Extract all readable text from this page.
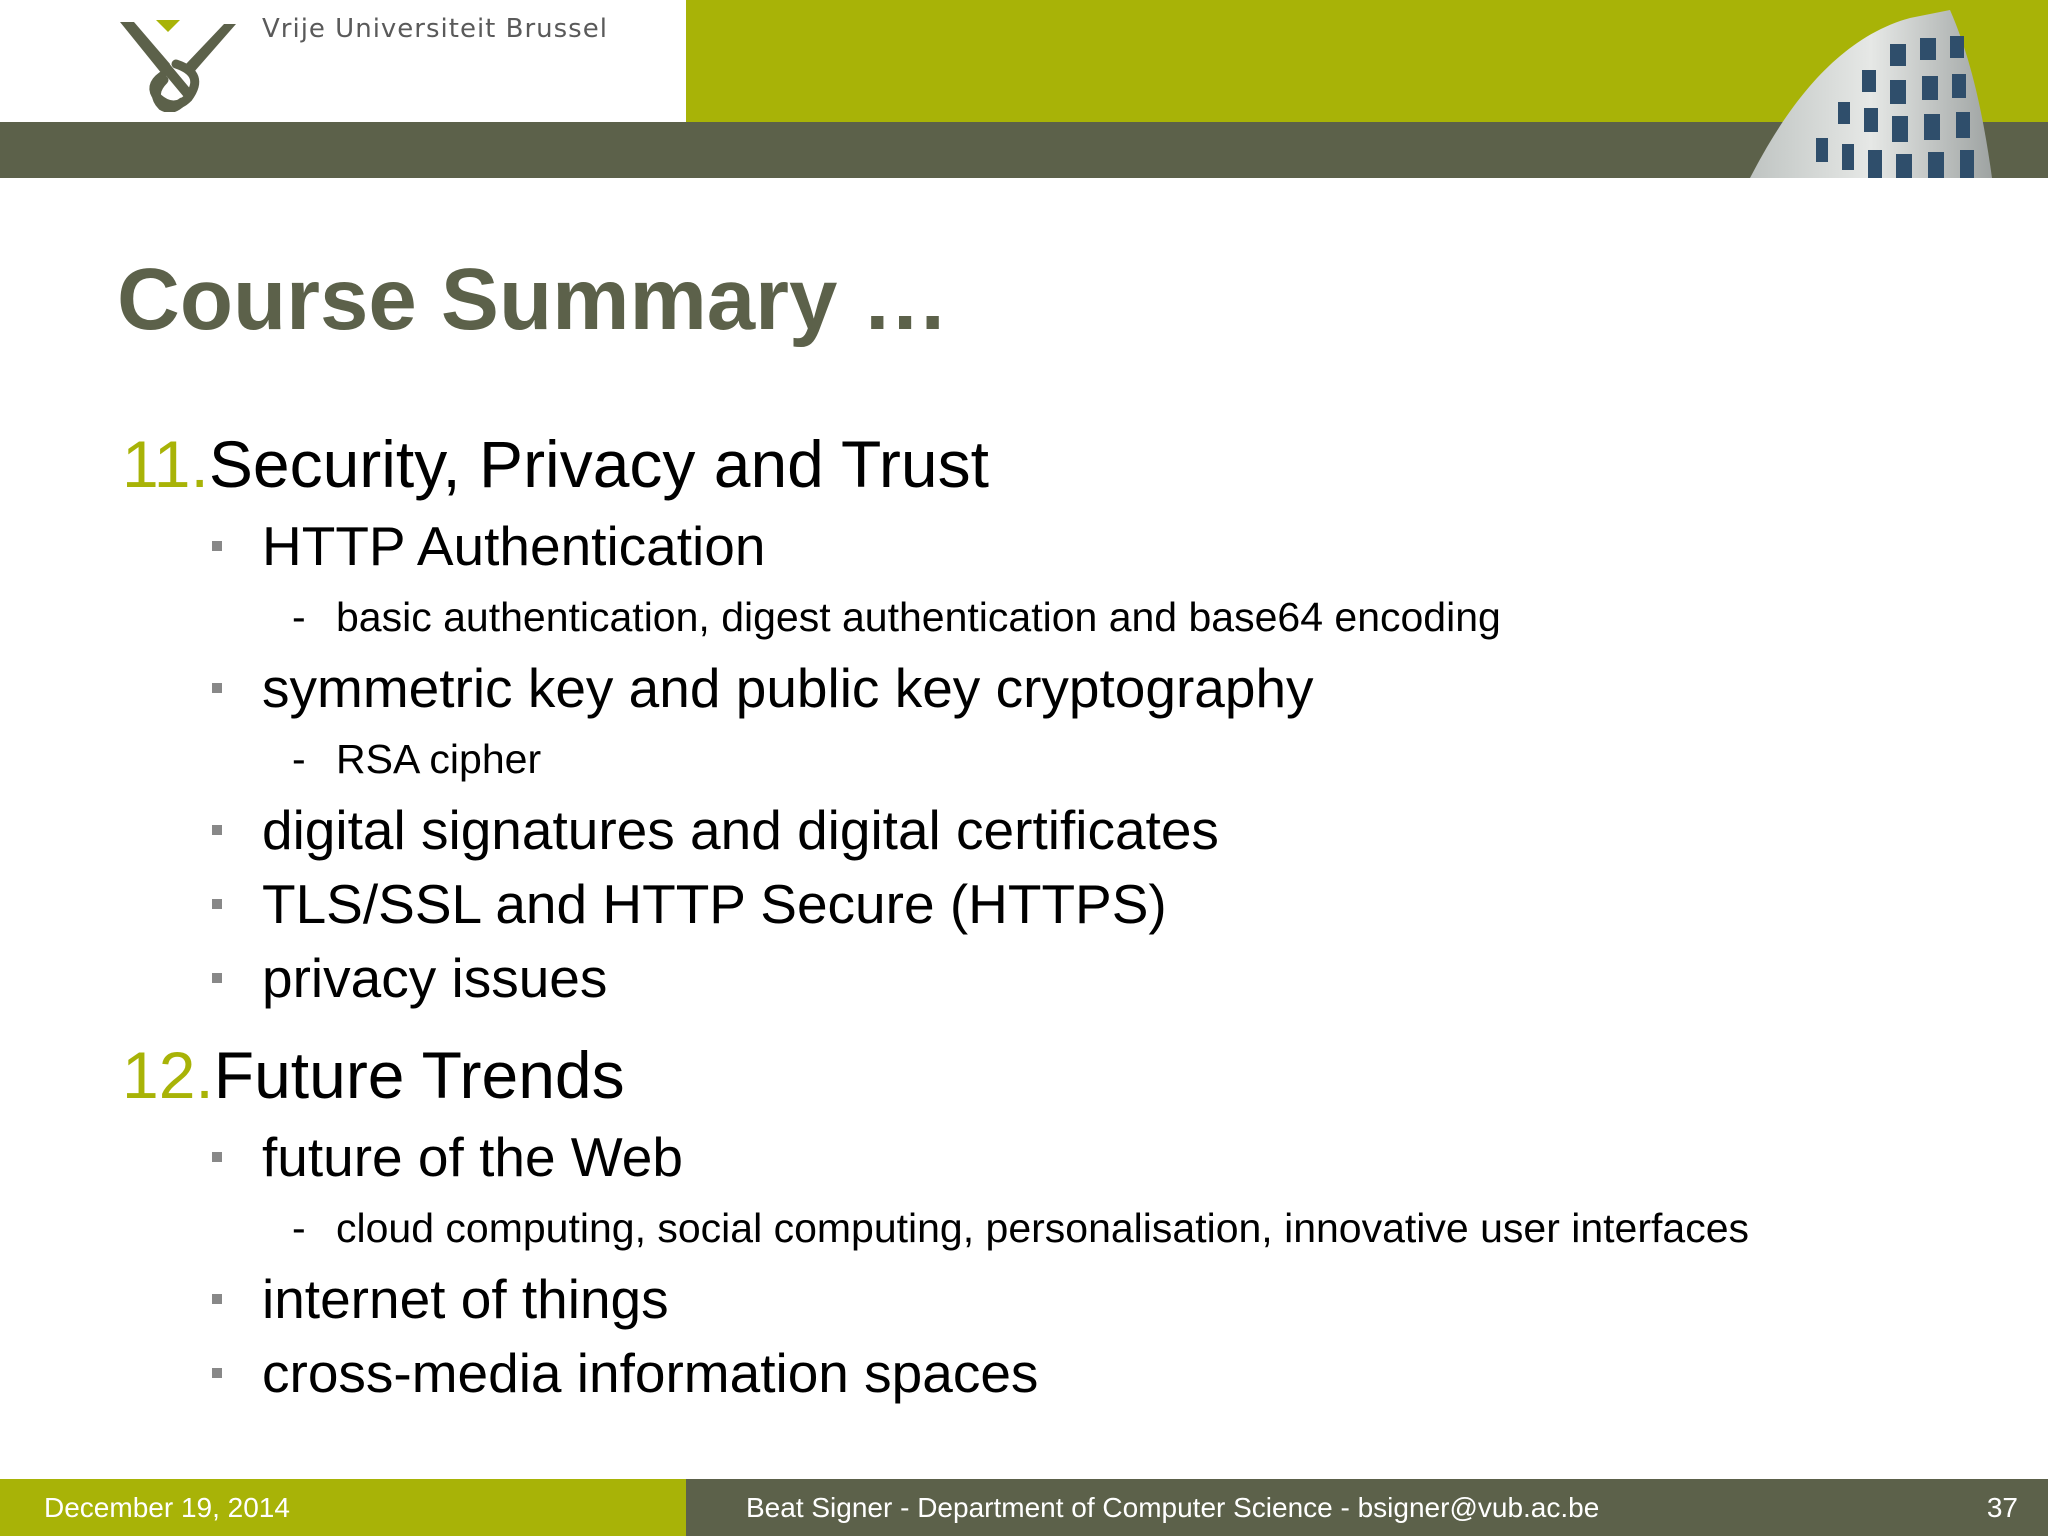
Vrije Universiteit Brussel
Course Summary …
11.Security, Privacy and Trust
HTTP Authentication
- basic authentication, digest authentication and base64 encoding
symmetric key and public key cryptography
- RSA cipher
digital signatures and digital certificates
TLS/SSL and HTTP Secure (HTTPS)
privacy issues
12.Future Trends
future of the Web
- cloud computing, social computing, personalisation, innovative user interfaces
internet of things
cross-media information spaces
December 19, 2014	Beat Signer - Department of Computer Science - bsigner@vub.ac.be	37
